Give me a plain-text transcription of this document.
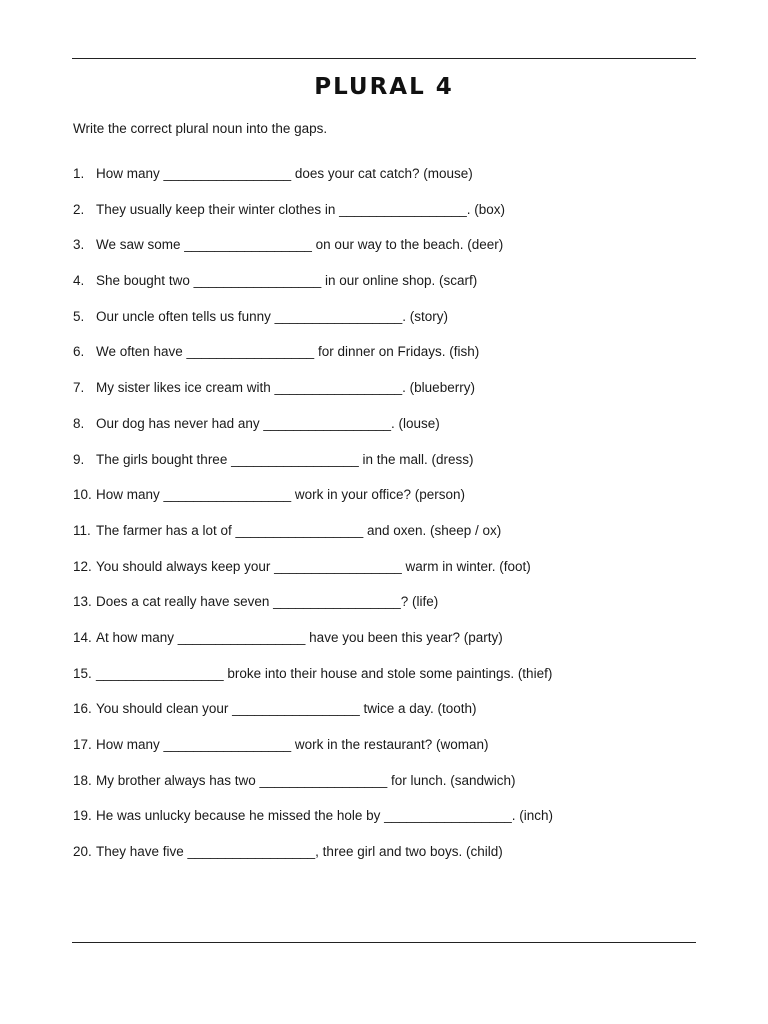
PLURAL 4
Write the correct plural noun into the gaps.
1. How many _________________ does your cat catch? (mouse)
2. They usually keep their winter clothes in _________________. (box)
3. We saw some _________________ on our way to the beach. (deer)
4. She bought two _________________ in our online shop. (scarf)
5. Our uncle often tells us funny _________________. (story)
6. We often have _________________ for dinner on Fridays. (fish)
7. My sister likes ice cream with _________________. (blueberry)
8. Our dog has never had any _________________. (louse)
9. The girls bought three _________________ in the mall. (dress)
10. How many _________________ work in your office? (person)
11. The farmer has a lot of _________________ and oxen. (sheep / ox)
12. You should always keep your _________________ warm in winter. (foot)
13. Does a cat really have seven _________________? (life)
14. At how many _________________ have you been this year? (party)
15. _________________ broke into their house and stole some paintings. (thief)
16. You should clean your _________________ twice a day. (tooth)
17. How many _________________ work in the restaurant? (woman)
18. My brother always has two _________________ for lunch. (sandwich)
19. He was unlucky because he missed the hole by _________________. (inch)
20. They have five _________________, three girl and two boys. (child)
